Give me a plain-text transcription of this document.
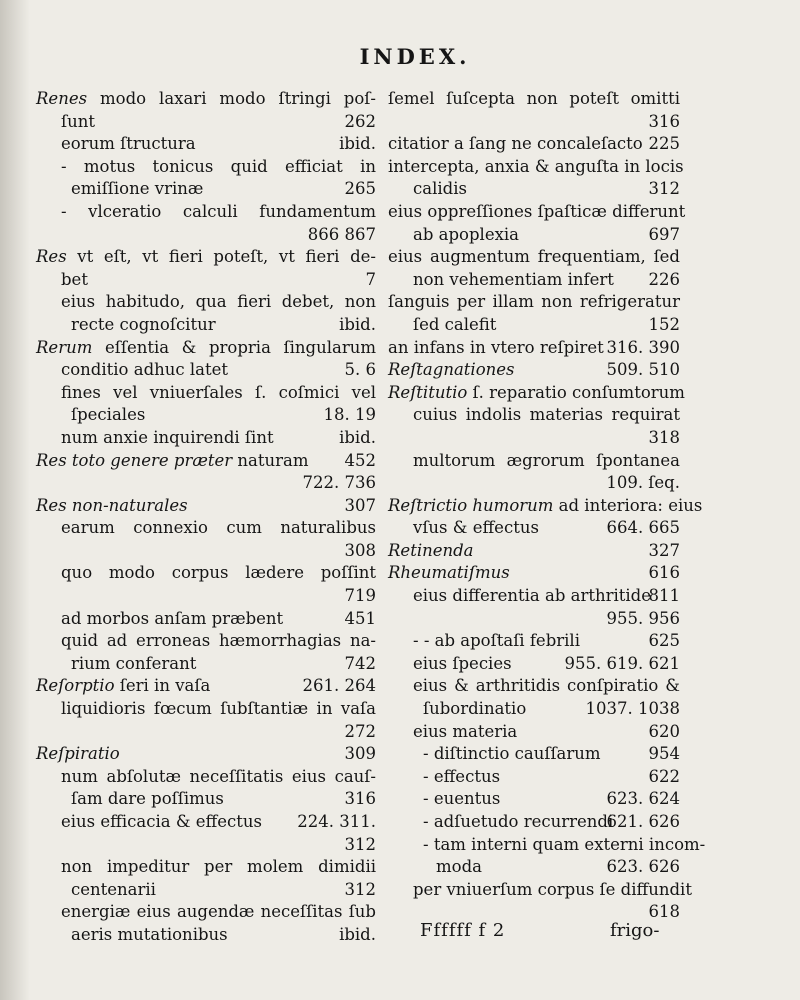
INDEX.
Renes modo laxari modo ſtringi poſ-
ſunt	262
eorum ſtructura	ibid.
- motus tonicus quid efficiat in
emiſſione vrinæ	265
- vlceratio calculi fundamentum
866 867
Res vt eſt, vt fieri poteſt, vt fieri de-
bet	7
eius habitudo, qua fieri debet, non
recte cognoſcitur	ibid.
Rerum eſſentia & propria ſingularum
conditio adhuc latet	5. 6
fines vel vniuerſales ſ. coſmici vel
ſpeciales	18. 19
num anxie inquirendi ſint	ibid.
Res toto genere præter naturam 452
722. 736
Res non-naturales	307
earum connexio cum naturalibus
308
quo modo corpus lædere poſſint
719
ad morbos anſam præbent	451
quid ad erroneas hæmorrhagias na-
rium conferant	742
Reſorptio ſeri in vaſa	261. 264
liquidioris fœcum ſubſtantiæ in vaſa
272
Reſpiratio	309
num abſolutæ neceſſitatis eius cauſ-
ſam dare poſſimus	316
eius efficacia & effectus 224. 311.
312
non impeditur per molem dimidii
centenarii	312
energiæ eius augendæ neceſſitas ſub
aeris mutationibus	ibid.
ſemel ſuſcepta non poteſt omitti
316
citatior a ſang ne concaleſacto 225
intercepta, anxia & anguſta in locis
calidis	312
eius oppreſſiones ſpaſticæ differunt
ab apoplexia	697
eius augmentum frequentiam, ſed
non vehementiam infert 226
ſanguis per illam non refrigeratur
ſed calefit	152
an infans in vtero reſpiret 316. 390
Reſtagnationes	509. 510
Reſtitutio ſ. reparatio conſumtorum
cuius indolis materias requirat
318
multorum ægrorum ſpontanea
109. ſeq.
Reſtrictio humorum ad interiora: eius
vſus & effectus	664. 665
Retinenda	327
Rheumatiſmus	616
eius differentia ab arthritide
811
955. 956
- - ab apoſtaſi febrili	625
eius ſpecies	955. 619. 621
eius & arthritidis conſpiratio &
ſubordinatio	1037. 1038
eius materia	620
- diſtinctio cauſſarum	954
- effectus	622
- euentus	623. 624
- adſuetudo recurrendi
621. 626
- tam interni quam externi incom-
moda	623. 626
per vniuerſum corpus ſe diffundit
618
Ffffff f 2	frigo-
